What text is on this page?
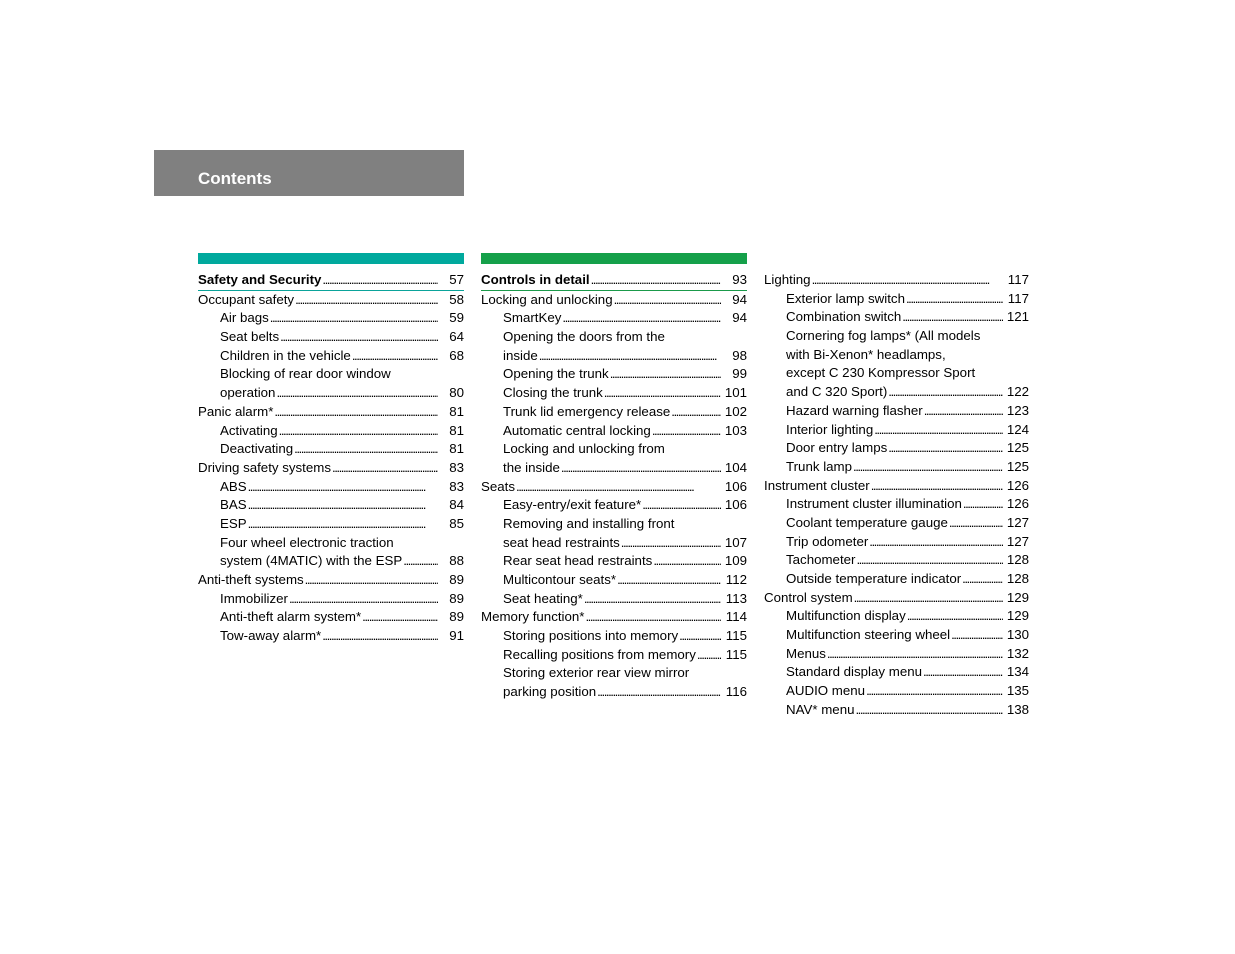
Contents
Safety and Security . . .	57
Occupant safety . . .	58
Air bags . . .	59
Seat belts . . .	64
Children in the vehicle . . .	68
Blocking of rear door window
operation . . .	80
Panic alarm* . . .	81
Activating . . .	81
Deactivating . . .	81
Driving safety systems . . .	83
ABS . . .	83
BAS . . .	84
ESP . . .	85
Four wheel electronic traction
system (4MATIC) with the ESP . . .	88
Anti-theft systems . . .	89
Immobilizer . . .	89
Anti-theft alarm system* . . .	89
Tow-away alarm* . . .	91
Controls in detail . . .	93
Locking and unlocking . . .	94
SmartKey . . .	94
Opening the doors from the
inside . . .	98
Opening the trunk . . .	99
Closing the trunk . . .	101
Trunk lid emergency release . . .	102
Automatic central locking . . .	103
Locking and unlocking from
the inside . . .	104
Seats . . .	106
Easy-entry/exit feature* . . .	106
Removing and installing front
seat head restraints . . .	107
Rear seat head restraints . . .	109
Multicontour seats* . . .	112
Seat heating* . . .	113
Memory function* . . .	114
Storing positions into memory . . .	115
Recalling positions from memory . . . 115
Storing exterior rear view mirror
parking position . . .	116
Lighting . . .	117
Exterior lamp switch . . .	117
Combination switch . . .	121
Cornering fog lamps* (All models
with Bi-Xenon* headlamps,
except C 230 Kompressor Sport
and C 320 Sport) . . .	122
Hazard warning flasher . . .	123
Interior lighting . . .	124
Door entry lamps . . .	125
Trunk lamp . . .	125
Instrument cluster . . .	126
Instrument cluster illumination . . .	126
Coolant temperature gauge . . .	127
Trip odometer . . .	127
Tachometer . . .	128
Outside temperature indicator . . .	128
Control system . . .	129
Multifunction display . . .	129
Multifunction steering wheel . . .	130
Menus . . .	132
Standard display menu . . .	134
AUDIO menu . . .	135
NAV* menu . . .	138
